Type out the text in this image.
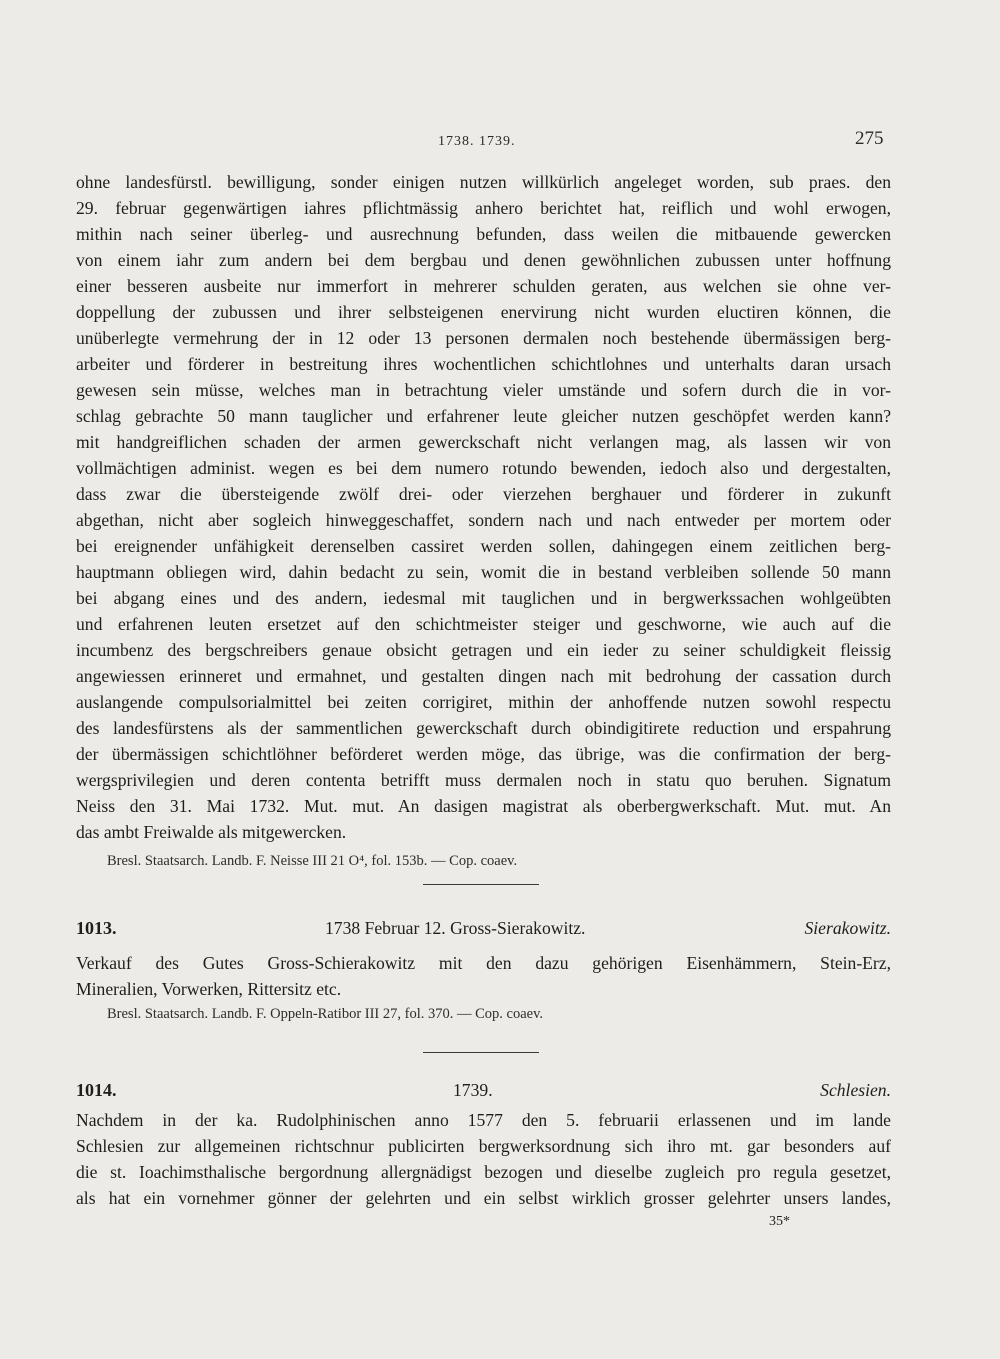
1738. 1739.	275
ohne landesfürstl. bewilligung, sonder einigen nutzen willkürlich angeleget worden, sub praes. den
29. februar gegenwärtigen iahres pflichtmässig anhero berichtet hat, reiflich und wohl erwogen,
mithin nach seiner überleg- und ausrechnung befunden, dass weilen die mitbauende gewercken
von einem iahr zum andern bei dem bergbau und denen gewöhnlichen zubussen unter hoffnung
einer besseren ausbeite nur immerfort in mehrerer schulden geraten, aus welchen sie ohne ver-
doppellung der zubussen und ihrer selbsteigenen enervirung nicht wurden eluctiren können, die
unüberlegte vermehrung der in 12 oder 13 personen dermalen noch bestehende übermässigen berg-
arbeiter und förderer in bestreitung ihres wochentlichen schichtlohnes und unterhalts daran ursach
gewesen sein müsse, welches man in betrachtung vieler umstände und sofern durch die in vor-
schlag gebrachte 50 mann tauglicher und erfahrener leute gleicher nutzen geschöpfet werden kann?
mit handgreiflichen schaden der armen gewerckschaft nicht verlangen mag, als lassen wir von
vollmächtigen administ. wegen es bei dem numero rotundo bewenden, iedoch also und dergestalten,
dass zwar die übersteigende zwölf drei- oder vierzehen berghauer und förderer in zukunft
abgethan, nicht aber sogleich hinweggeschaffet, sondern nach und nach entweder per mortem oder
bei ereignender unfähigkeit derenselben cassiret werden sollen, dahingegen einem zeitlichen berg-
hauptmann obliegen wird, dahin bedacht zu sein, womit die in bestand verbleiben sollende 50 mann
bei abgang eines und des andern, iedesmal mit tauglichen und in bergwerkssachen wohlgeübten
und erfahrenen leuten ersetzet auf den schichtmeister steiger und geschworne, wie auch auf die
incumbenz des bergschreibers genaue obsicht getragen und ein ieder zu seiner schuldigkeit fleissig
angewiessen erinneret und ermahnet, und gestalten dingen nach mit bedrohung der cassation durch
auslangende compulsorialmittel bei zeiten corrigiret, mithin der anhoffende nutzen sowohl respectu
des landesfürstens als der sammentlichen gewerckschaft durch obindigitirete reduction und erspahrung
der übermässigen schichtlöhner beförderet werden möge, das übrige, was die confirmation der berg-
wergsprivilegien und deren contenta betrifft muss dermalen noch in statu quo beruhen. Signatum
Neiss den 31. Mai 1732. Mut. mut. An dasigen magistrat als oberbergwerkschaft. Mut. mut. An
das ambt Freiwalde als mitgewercken.
Bresl. Staatsarch. Landb. F. Neisse III 21 O⁴, fol. 153b. — Cop. coaev.
1013.	1738 Februar 12. Gross-Sierakowitz.	Sierakowitz.
Verkauf des Gutes Gross-Schierakowitz mit den dazu gehörigen Eisenhämmern, Stein-Erz,
Mineralien, Vorwerken, Rittersitz etc.
Bresl. Staatsarch. Landb. F. Oppeln-Ratibor III 27, fol. 370. — Cop. coaev.
1014.	1739.	Schlesien.
Nachdem in der ka. Rudolphinischen anno 1577 den 5. februarii erlassenen und im lande
Schlesien zur allgemeinen richtschnur publicirten bergwerksordnung sich ihro mt. gar besonders auf
die st. Ioachimsthalische bergordnung allergnädigst bezogen und dieselbe zugleich pro regula gesetzet,
als hat ein vornehmer gönner der gelehrten und ein selbst wirklich grosser gelehrter unsers landes,
35*
